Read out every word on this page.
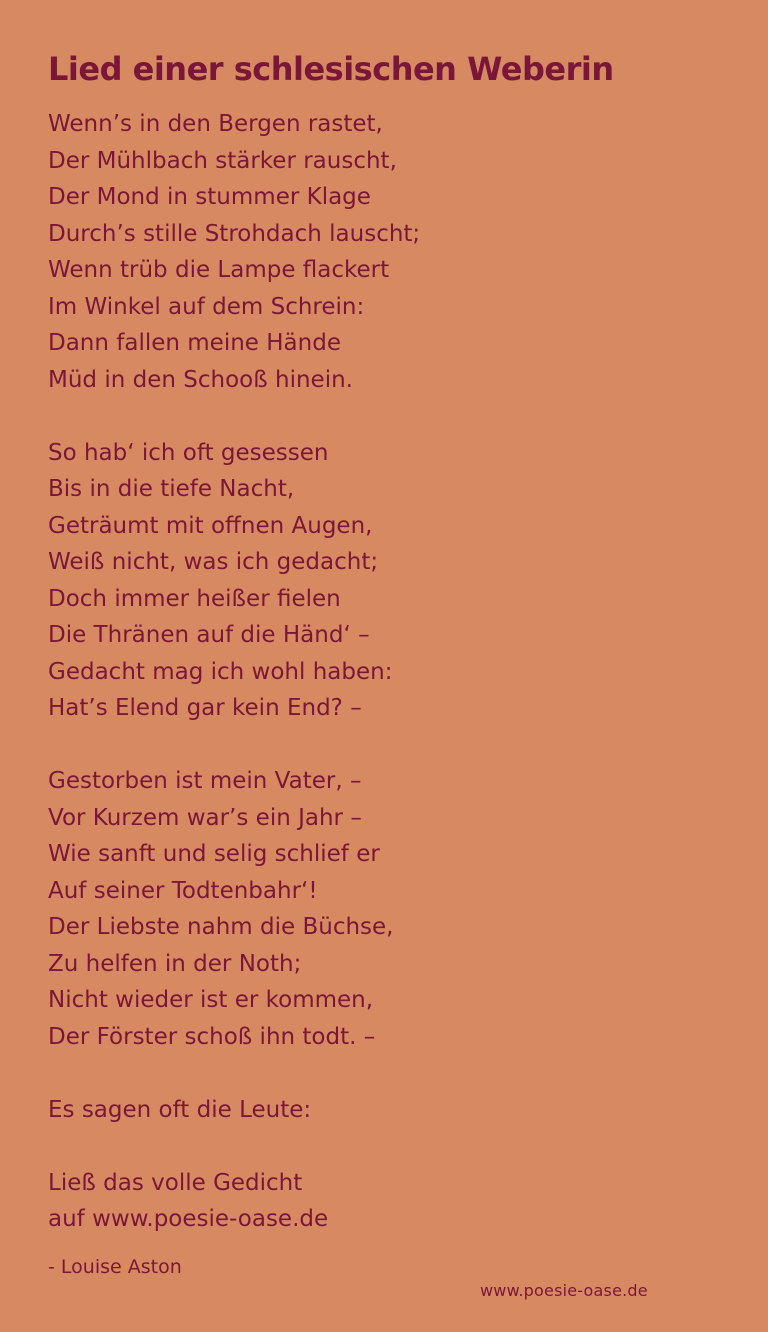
Lied einer schlesischen Weberin
Wenn’s in den Bergen rastet,
Der Mühlbach stärker rauscht,
Der Mond in stummer Klage
Durch’s stille Strohdach lauscht;
Wenn trüb die Lampe flackert
Im Winkel auf dem Schrein:
Dann fallen meine Hände
Müd in den Schooß hinein.
So hab‘ ich oft gesessen
Bis in die tiefe Nacht,
Geträumt mit offnen Augen,
Weiß nicht, was ich gedacht;
Doch immer heißer fielen
Die Thränen auf die Händ‘ –
Gedacht mag ich wohl haben:
Hat’s Elend gar kein End? –
Gestorben ist mein Vater, –
Vor Kurzem war’s ein Jahr –
Wie sanft und selig schlief er
Auf seiner Todtenbahr‘!
Der Liebste nahm die Büchse,
Zu helfen in der Noth;
Nicht wieder ist er kommen,
Der Förster schoß ihn todt. –
Es sagen oft die Leute:
Ließ das volle Gedicht
auf www.poesie-oase.de
- Louise Aston
www.poesie-oase.de
